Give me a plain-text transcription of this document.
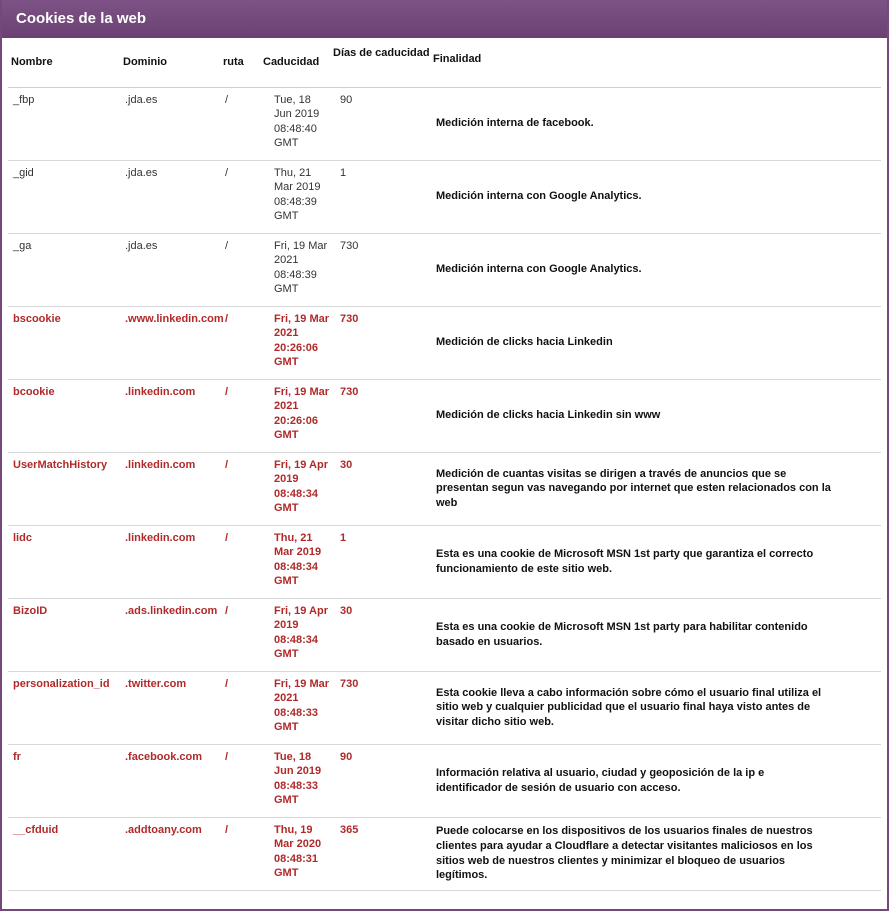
Cookies de la web
Nombre	Dominio	ruta	Caducidad	Días de caducidad	Finalidad
_fbp	.jda.es	/	Tue, 18 Jun 2019 08:48:40 GMT	90	Medición interna de facebook.

_gid	.jda.es	/	Thu, 21 Mar 2019 08:48:39 GMT	1	Medición interna con Google Analytics.

_ga	.jda.es	/	Fri, 19 Mar 2021 08:48:39 GMT	730	Medición interna con Google Analytics.

bscookie	.www.linkedin.com	/	Fri, 19 Mar 2021 20:26:06 GMT	730	Medición de clicks hacia Linkedin

bcookie	.linkedin.com	/	Fri, 19 Mar 2021 20:26:06 GMT	730	Medición de clicks hacia Linkedin sin www

UserMatchHistory	.linkedin.com	/	Fri, 19 Apr 2019 08:48:34 GMT	30	Medición de cuantas visitas se dirigen a través de anuncios que se presentan segun vas navegando por internet que esten relacionados con la web

lidc	.linkedin.com	/	Thu, 21 Mar 2019 08:48:34 GMT	1	Esta es una cookie de Microsoft MSN 1st party que garantiza el correcto funcionamiento de este sitio web.

BizoID	.ads.linkedin.com	/	Fri, 19 Apr 2019 08:48:34 GMT	30	Esta es una cookie de Microsoft MSN 1st party para habilitar contenido basado en usuarios.

personalization_id	.twitter.com	/	Fri, 19 Mar 2021 08:48:33 GMT	730	Esta cookie lleva a cabo información sobre cómo el usuario final utiliza el sitio web y cualquier publicidad que el usuario final haya visto antes de visitar dicho sitio web.

fr	.facebook.com	/	Tue, 18 Jun 2019 08:48:33 GMT	90	Información relativa al usuario, ciudad y geoposición de la ip e identificador de sesión de usuario con acceso.

__cfduid	.addtoany.com	/	Thu, 19 Mar 2020 08:48:31 GMT	365	Puede colocarse en los dispositivos de los usuarios finales de nuestros clientes para ayudar a Cloudflare a detectar visitantes maliciosos en los sitios web de nuestros clientes y minimizar el bloqueo de usuarios legítimos.
